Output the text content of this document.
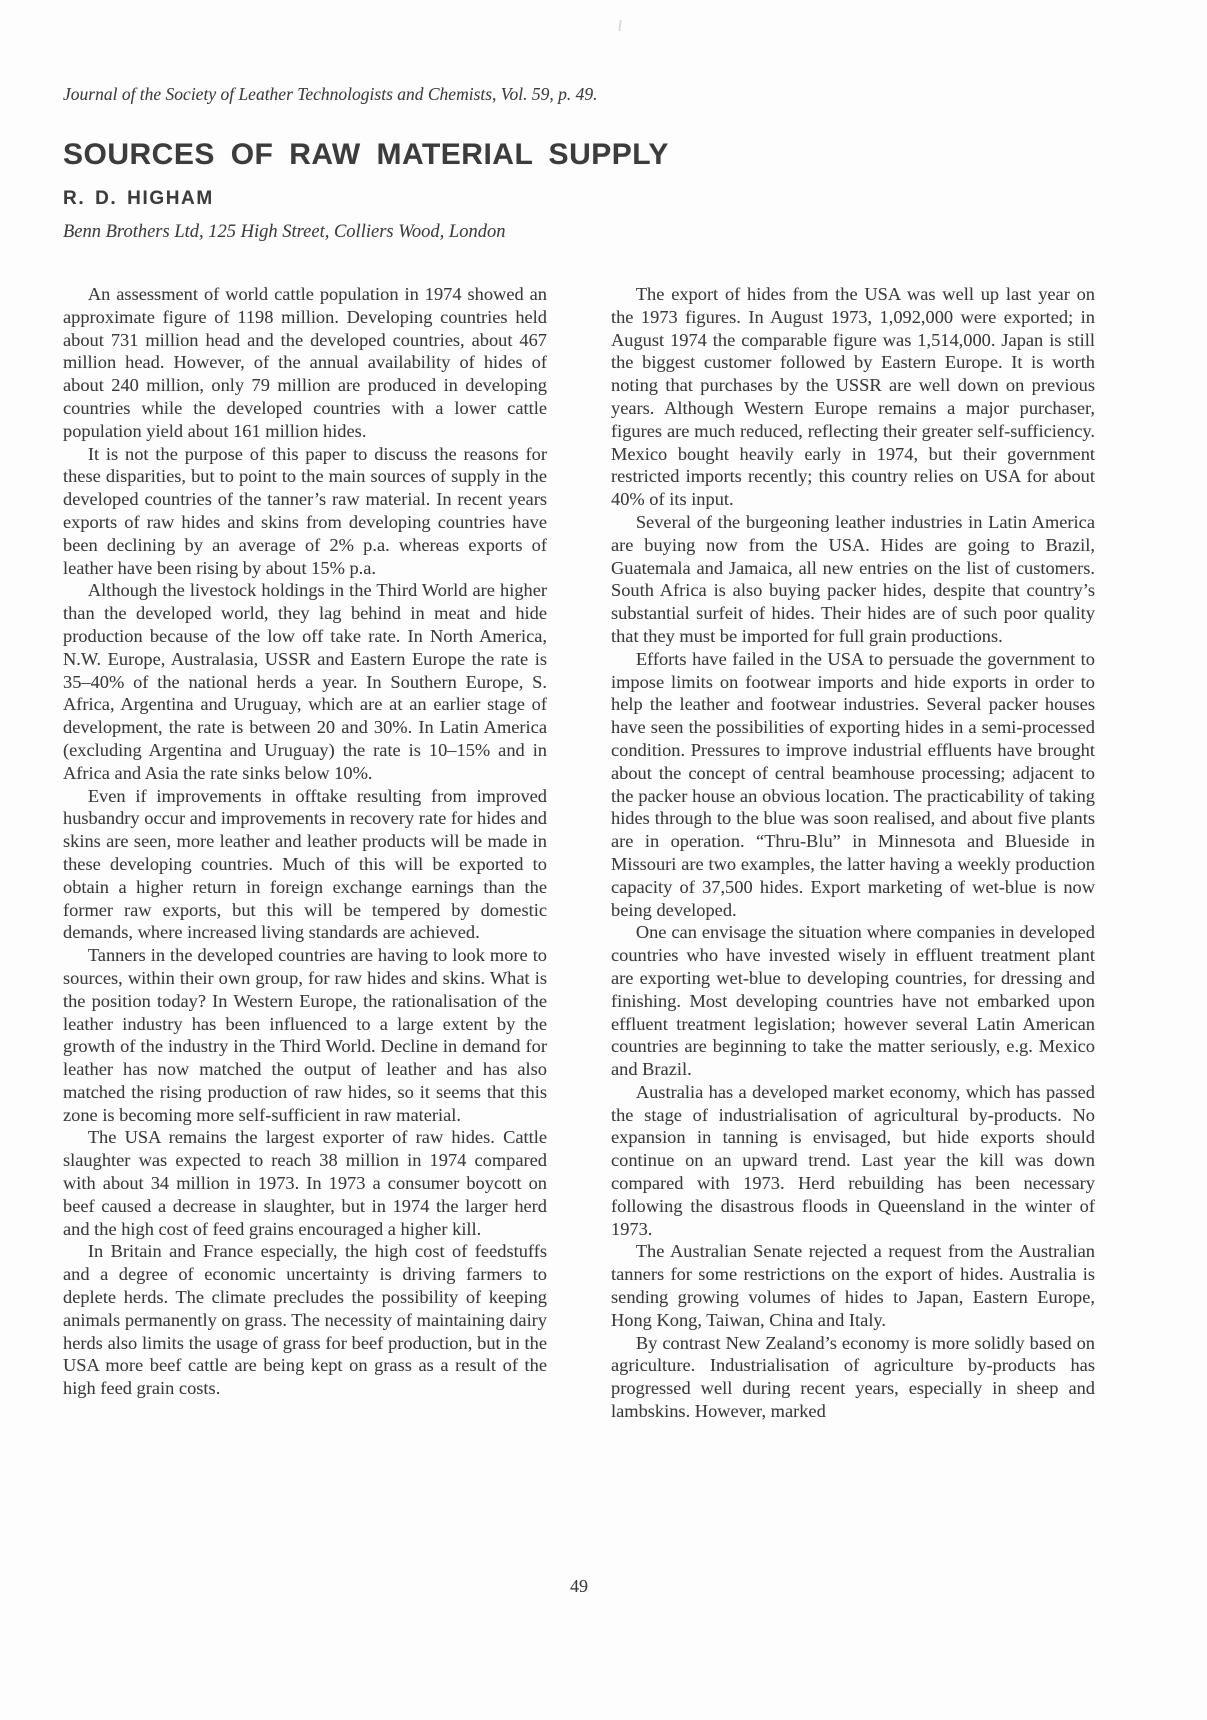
Journal of the Society of Leather Technologists and Chemists, Vol. 59, p. 49.
SOURCES OF RAW MATERIAL SUPPLY
R. D. HIGHAM
Benn Brothers Ltd, 125 High Street, Colliers Wood, London

An assessment of world cattle population in 1974 showed an approximate figure of 1198 million. Developing countries held about 731 million head and the developed countries, about 467 million head. However, of the annual availability of hides of about 240 million, only 79 million are produced in developing countries while the developed countries with a lower cattle population yield about 161 million hides.

It is not the purpose of this paper to discuss the reasons for these disparities, but to point to the main sources of supply in the developed countries of the tanner’s raw material. In recent years exports of raw hides and skins from developing countries have been declining by an average of 2% p.a. whereas exports of leather have been rising by about 15% p.a.

Although the livestock holdings in the Third World are higher than the developed world, they lag behind in meat and hide production because of the low off take rate. In North America, N.W. Europe, Australasia, USSR and Eastern Europe the rate is 35–40% of the national herds a year. In Southern Europe, S. Africa, Argentina and Uruguay, which are at an earlier stage of development, the rate is between 20 and 30%. In Latin America (excluding Argentina and Uruguay) the rate is 10–15% and in Africa and Asia the rate sinks below 10%.

Even if improvements in offtake resulting from improved husbandry occur and improvements in recovery rate for hides and skins are seen, more leather and leather products will be made in these developing countries. Much of this will be exported to obtain a higher return in foreign exchange earnings than the former raw exports, but this will be tempered by domestic demands, where increased living standards are achieved.

Tanners in the developed countries are having to look more to sources, within their own group, for raw hides and skins. What is the position today? In Western Europe, the rationalisation of the leather industry has been influenced to a large extent by the growth of the industry in the Third World. Decline in demand for leather has now matched the output of leather and has also matched the rising production of raw hides, so it seems that this zone is becoming more self-sufficient in raw material.

The USA remains the largest exporter of raw hides. Cattle slaughter was expected to reach 38 million in 1974 compared with about 34 million in 1973. In 1973 a consumer boycott on beef caused a decrease in slaughter, but in 1974 the larger herd and the high cost of feed grains encouraged a higher kill.

In Britain and France especially, the high cost of feedstuffs and a degree of economic uncertainty is driving farmers to deplete herds. The climate precludes the possibility of keeping animals permanently on grass. The necessity of maintaining dairy herds also limits the usage of grass for beef production, but in the USA more beef cattle are being kept on grass as a result of the high feed grain costs.

The export of hides from the USA was well up last year on the 1973 figures. In August 1973, 1,092,000 were exported; in August 1974 the comparable figure was 1,514,000. Japan is still the biggest customer followed by Eastern Europe. It is worth noting that purchases by the USSR are well down on previous years. Although Western Europe remains a major purchaser, figures are much reduced, reflecting their greater self-sufficiency. Mexico bought heavily early in 1974, but their government restricted imports recently; this country relies on USA for about 40% of its input.

Several of the burgeoning leather industries in Latin America are buying now from the USA. Hides are going to Brazil, Guatemala and Jamaica, all new entries on the list of customers. South Africa is also buying packer hides, despite that country’s substantial surfeit of hides. Their hides are of such poor quality that they must be imported for full grain productions.

Efforts have failed in the USA to persuade the government to impose limits on footwear imports and hide exports in order to help the leather and footwear industries. Several packer houses have seen the possibilities of exporting hides in a semi-processed condition. Pressures to improve industrial effluents have brought about the concept of central beamhouse processing; adjacent to the packer house an obvious location. The practicability of taking hides through to the blue was soon realised, and about five plants are in operation. “Thru-Blu” in Minnesota and Blueside in Missouri are two examples, the latter having a weekly production capacity of 37,500 hides. Export marketing of wet-blue is now being developed.

One can envisage the situation where companies in developed countries who have invested wisely in effluent treatment plant are exporting wet-blue to developing countries, for dressing and finishing. Most developing countries have not embarked upon effluent treatment legislation; however several Latin American countries are beginning to take the matter seriously, e.g. Mexico and Brazil.

Australia has a developed market economy, which has passed the stage of industrialisation of agricultural by-products. No expansion in tanning is envisaged, but hide exports should continue on an upward trend. Last year the kill was down compared with 1973. Herd rebuilding has been necessary following the disastrous floods in Queensland in the winter of 1973.

The Australian Senate rejected a request from the Australian tanners for some restrictions on the export of hides. Australia is sending growing volumes of hides to Japan, Eastern Europe, Hong Kong, Taiwan, China and Italy.

By contrast New Zealand’s economy is more solidly based on agriculture. Industrialisation of agriculture by-products has progressed well during recent years, especially in sheep and lambskins. However, marked

49
